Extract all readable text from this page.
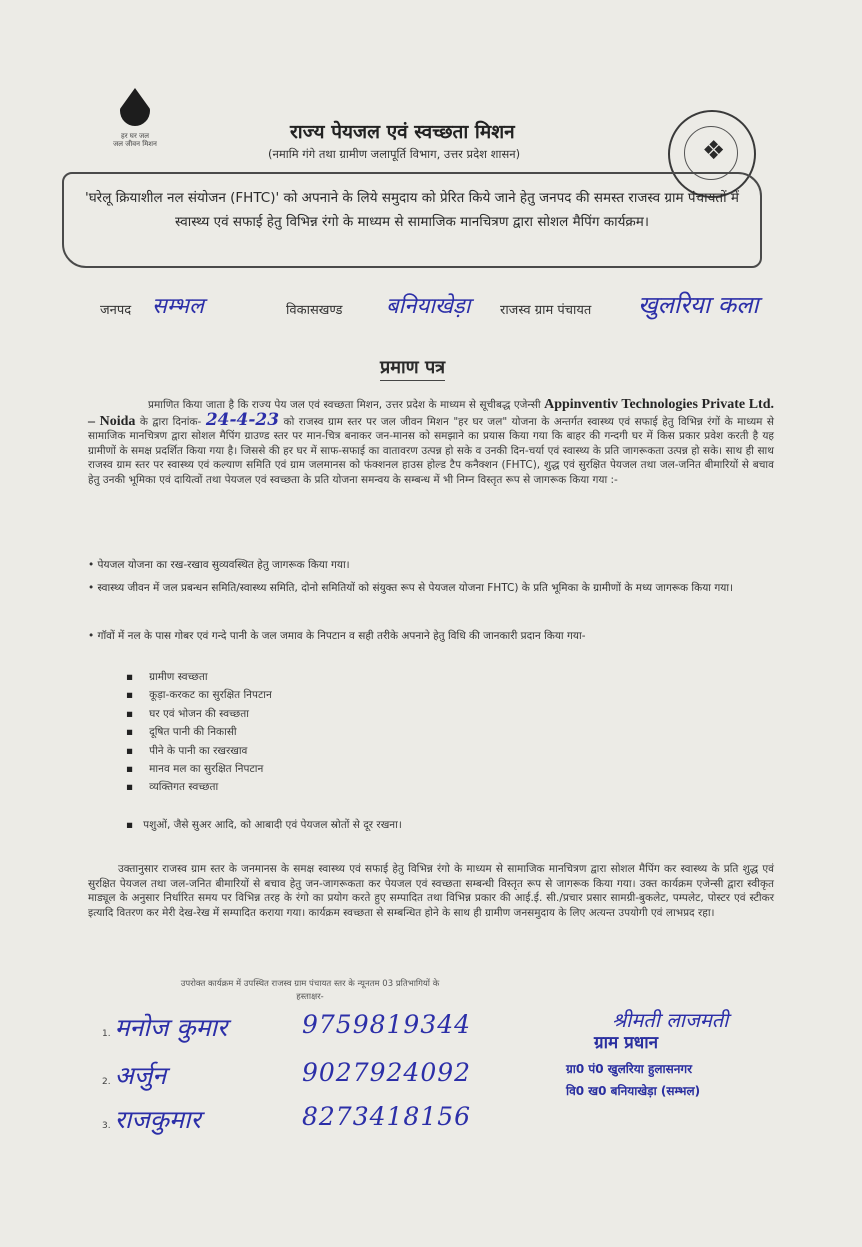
हर घर जल
जल जीवन मिशन
राज्य पेयजल एवं स्वच्छता मिशन
(नमामि गंगे तथा ग्रामीण जलापूर्ति विभाग, उत्तर प्रदेश शासन)	❖
'घरेलू क्रियाशील नल संयोजन (FHTC)' को अपनाने के लिये समुदाय को प्रेरित किये जाने हेतु जनपद की समस्त राजस्व ग्राम पंचायतों में स्वास्थ्य एवं सफाई हेतु विभिन्न रंगो के माध्यम से सामाजिक मानचित्रण द्वारा सोशल मैपिंग कार्यक्रम।
जनपद सम्भल	विकासखण्ड बनियाखेड़ा राजस्व ग्राम पंचायत खुलरिया कला
प्रमाण पत्र
प्रमाणित किया जाता है कि राज्य पेय जल एवं स्वच्छता मिशन, उत्तर प्रदेश के माध्यम से सूचीबद्ध एजेन्सी Appinventiv Technologies Private Ltd. – Noida के द्वारा दिनांक- 24-4-23 को राजस्व ग्राम स्तर पर जल जीवन मिशन "हर घर जल" योजना के अन्तर्गत स्वास्थ्य एवं सफाई हेतु विभिन्न रंगों के माध्यम से सामाजिक मानचित्रण द्वारा सोशल मैपिंग ग्राउण्ड स्तर पर मान-चित्र बनाकर जन-मानस को समझाने का प्रयास किया गया कि बाहर की गन्दगी घर में किस प्रकार प्रवेश करती है यह ग्रामीणों के समक्ष प्रदर्शित किया गया है। जिससे की हर घर में साफ-सफाई का वातावरण उत्पन्न हो सके व उनकी दिन-चर्या एवं स्वास्थ्य के प्रति जागरूकता उत्पन्न हो सके। साथ ही साथ राजस्व ग्राम स्तर पर स्वास्थ्य एवं कल्याण समिति एवं ग्राम जलमानस को फंक्शनल हाउस होल्ड टैप कनैक्शन (FHTC), शुद्ध एवं सुरक्षित पेयजल तथा जल-जनित बीमारियों से बचाव हेतु उनकी भूमिका एवं दायित्वों तथा पेयजल एवं स्वच्छता के प्रति योजना समन्वय के सम्बन्ध में भी निम्न विस्तृत रूप से जागरूक किया गया :-
• पेयजल योजना का रख-रखाव सुव्यवस्थित हेतु जागरूक किया गया।
• स्वास्थ्य जीवन में जल प्रबन्धन समिति/स्वास्थ्य समिति, दोनो समितियों को संयुक्त रूप से पेयजल योजना FHTC) के प्रति भूमिका के ग्रामीणों के मध्य जागरूक किया गया।
• गॉवों में नल के पास गोबर एवं गन्दे पानी के जल जमाव के निपटान व सही तरीके अपनाने हेतु विधि की जानकारी प्रदान किया गया-
▪ ग्रामीण स्वच्छता
▪ कूड़ा-करकट का सुरक्षित निपटान
▪ घर एवं भोजन की स्वच्छता
▪ दूषित पानी की निकासी
▪ पीने के पानी का रखरखाव
▪ मानव मल का सुरक्षित निपटान
▪ व्यक्तिगत स्वच्छता
▪ पशुओं, जैसे सुअर आदि, को आबादी एवं पेयजल स्रोतों से दूर रखना।
उक्तानुसार राजस्व ग्राम स्तर के जनमानस के समक्ष स्वास्थ्य एवं सफाई हेतु विभिन्न रंगो के माध्यम से सामाजिक मानचित्रण द्वारा सोशल मैपिंग कर स्वास्थ्य के प्रति शुद्ध एवं सुरक्षित पेयजल तथा जल-जनित बीमारियों से बचाव हेतु जन-जागरूकता कर पेयजल एवं स्वच्छता सम्बन्धी विस्तृत रूप से जागरूक किया गया। उक्त कार्यक्रम एजेन्सी द्वारा स्वीकृत माड्यूल के अनुसार निर्धारित समय पर विभिन्न तरह के रंगो का प्रयोग करते हुए सम्पादित तथा विभिन्न प्रकार की आई.ई. सी./प्रचार प्रसार सामग्री-बुकलेट, पम्पलेट, पोस्टर एवं स्टीकर इत्यादि वितरण कर मेरी देख-रेख में सम्पादित कराया गया। कार्यक्रम स्वच्छता से सम्बन्धित होने के साथ ही ग्रामीण जनसमुदाय के लिए अत्यन्त उपयोगी एवं लाभप्रद रहा।
उपरोक्त कार्यक्रम में उपस्थित राजस्व ग्राम पंचायत स्तर के न्यूनतम 03 प्रतिभागियों के
हस्ताक्षर-
1. मनोज कुमार	9759819344
2. अर्जुन	9027924092
3. राजकुमार	8273418156
श्रीमती लाजमती
ग्राम प्रधान
ग्रा0 पं0 खुलरिया हुलासनगर
वि0 ख0 बनियाखेड़ा (सम्भल)
